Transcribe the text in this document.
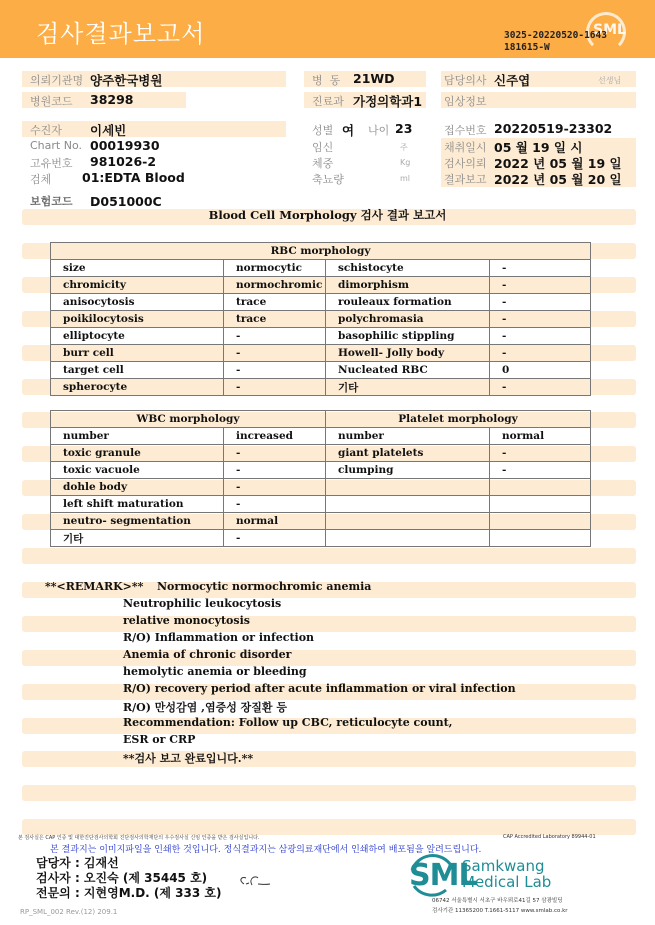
검사결과보고서	SML
3025-20220520-1643
181615-W
의뢰기관명 양주한국병원
병원코드 38298
병  동 21WD
진료과 가정의학과1
담당의사 신주엽	선생님
임상정보
수진자 이세빈
Chart No. 00019930
고유번호 981026-2
검체 01:EDTA Blood
보험코드 D051000C
성별 여 나이 23
임신	주
체중	Kg
축뇨량	ml
접수번호 20220519-23302
채취일시 05 월 19 일 시
검사의뢰 2022 년 05 월 19 일
결과보고 2022 년 05 월 20 일
Blood Cell Morphology 검사 결과 보고서
RBC morphology			
size	normocytic	schistocyte	-
chromicity	normochromic	dimorphism	-
anisocytosis	trace	rouleaux formation	-
poikilocytosis	trace	polychromasia	-
elliptocyte	-	basophilic stippling	-
burr cell	-	Howell- Jolly body	-
target cell	-	Nucleated RBC	0
spherocyte	-	기타	-
WBC morphology		Platelet morphology	
number	increased	number	normal
toxic granule	-	giant platelets	-
toxic vacuole	-	clumping	-
dohle body	-		
left shift maturation	-		
neutro- segmentation	normal		
기타	-		
**<REMARK>** Normocytic normochromic anemia
Neutrophilic leukocytosis
relative monocytosis
R/O) Inflammation or infection
Anemia of chronic disorder
hemolytic anemia or bleeding
R/O) recovery period after acute inflammation or viral infection
R/O) 만성감염 ,염증성 장질환 등
Recommendation: Follow up CBC, reticulocyte count,
ESR or CRP
**검사 보고 완료입니다.**
본 검사실은 CAP 인증 및 대한진단검사의학회 진단검사의학재단의 우수검사실 신임 인증을 받은 검사실입니다.	CAP Accredited Laboratory 89944-01
본 결과지는 이미지파일을 인쇄한 것입니다. 정식결과지는 삼광의료재단에서 인쇄하여 배포됨을 알려드립니다.
담당자 : 김재선
검사자 : 오진숙 (제 35445 호)
전문의 : 지현영M.D. (제 333 호)	SML
Samkwang
Medical Lab
06742 서울특별시 서초구 바우뫼로41길 57 삼광빌딩
검사기관 11365200 T.1661-5117 www.smlab.co.kr
RP_SML_002 Rev.(12) 209.1
